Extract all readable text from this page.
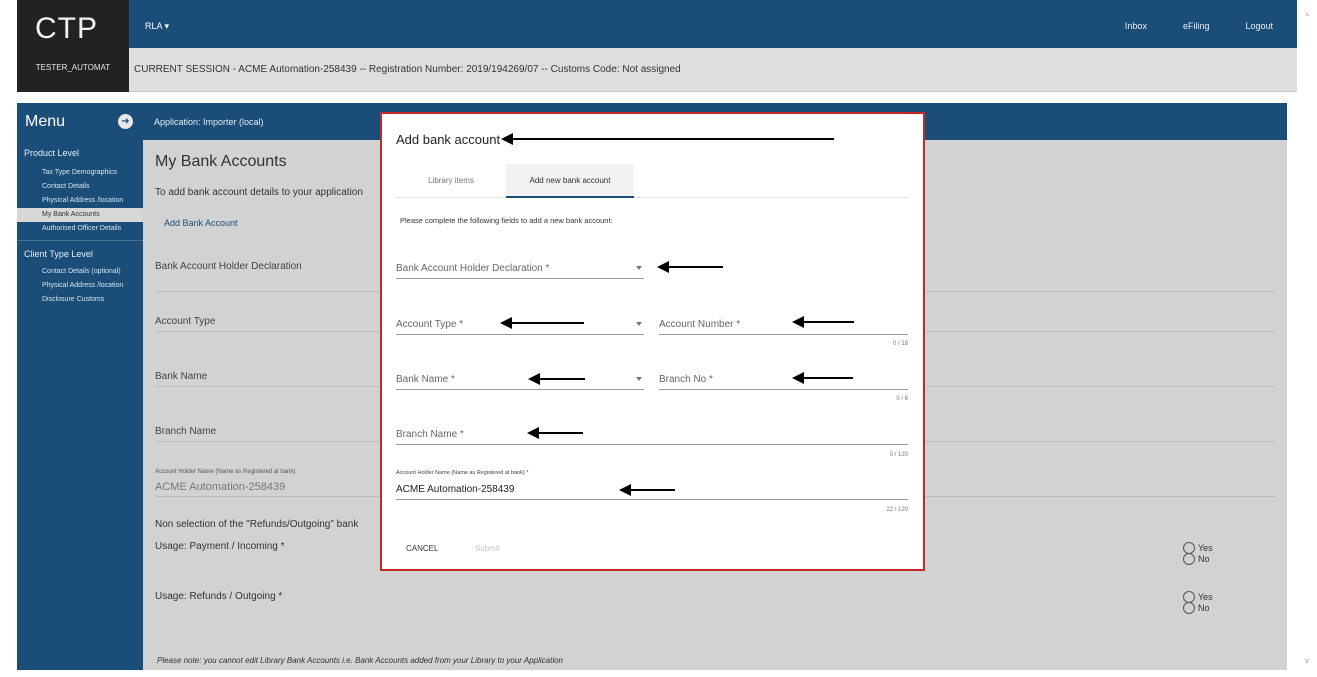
CTP
TESTER_AUTOMAT
RLA ▾	Inbox	eFiling	Logout
^
v
CURRENT SESSION - ACME Automation-258439 -- Registration Number: 2019/194269/07 -- Customs Code: Not assigned
Menu	➜
Product Level
Tax Type Demographics
Contact Details
Physical Address /location
My Bank Accounts
Authorised Officer Details
Client Type Level
Contact Details (optional)
Physical Address /location
Disclosure Customs
Application: Importer (local)
My Bank Accounts
To add bank account details to your application
Add Bank Account
Bank Account Holder Declaration
Account Type
Bank Name
Branch Name
Account Holder Name (Name as Registered at bank)
ACME Automation-258439
Non selection of the "Refunds/Outgoing" bank
Usage: Payment / Incoming *
Usage: Refunds / Outgoing *
Yes
No
Yes
No
Please note: you cannot edit Library Bank Accounts i.e. Bank Accounts added from your Library to your Application
Add bank account
Library items	Add new bank account
Please complete the following fields to add a new bank account:
Bank Account Holder Declaration *
Account Type *	Account Number *
0 / 18
Bank Name *	Branch No *
0 / 6
Branch Name *
0 / 120
Account Holder Name (Name as Registered at bank) *
ACME Automation-258439
22 / 120
CANCEL	Submit
